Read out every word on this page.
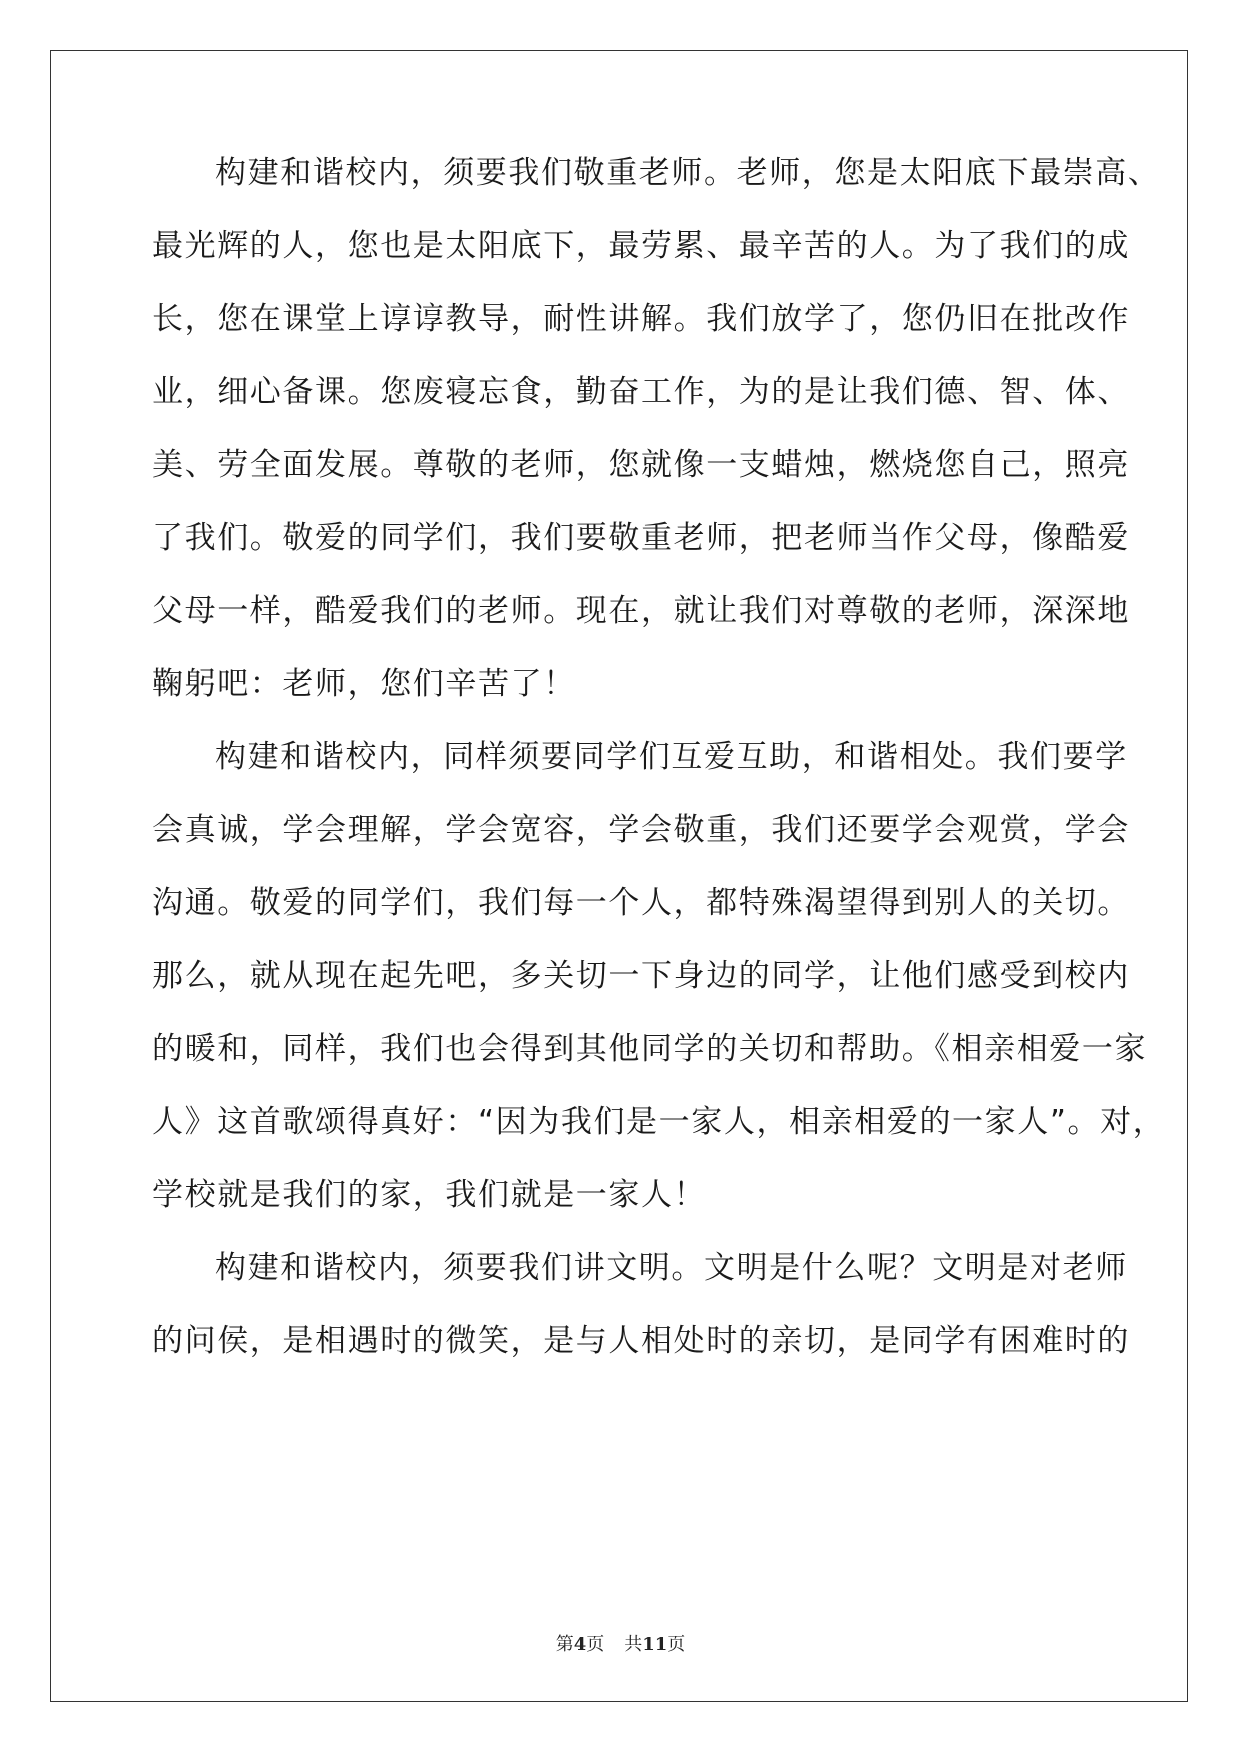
构建和谐校内，须要我们敬重老师。老师，您是太阳底下最崇高、
最光辉的人，您也是太阳底下，最劳累、最辛苦的人。为了我们的成
长，您在课堂上谆谆教导，耐性讲解。我们放学了，您仍旧在批改作
业，细心备课。您废寝忘食，勤奋工作，为的是让我们德、智、体、
美、劳全面发展。尊敬的老师，您就像一支蜡烛，燃烧您自己，照亮
了我们。敬爱的同学们，我们要敬重老师，把老师当作父母，像酷爱
父母一样，酷爱我们的老师。现在，就让我们对尊敬的老师，深深地
鞠躬吧：老师，您们辛苦了！
构建和谐校内，同样须要同学们互爱互助，和谐相处。我们要学
会真诚，学会理解，学会宽容，学会敬重，我们还要学会观赏，学会
沟通。敬爱的同学们，我们每一个人，都特殊渴望得到别人的关切。
那么，就从现在起先吧，多关切一下身边的同学，让他们感受到校内
的暖和，同样，我们也会得到其他同学的关切和帮助。《相亲相爱一家
人》这首歌颂得真好：“因为我们是一家人，相亲相爱的一家人”。对，
学校就是我们的家，我们就是一家人！
构建和谐校内，须要我们讲文明。文明是什么呢？文明是对老师
的问侯，是相遇时的微笑，是与人相处时的亲切，是同学有困难时的
第4页 共11页
